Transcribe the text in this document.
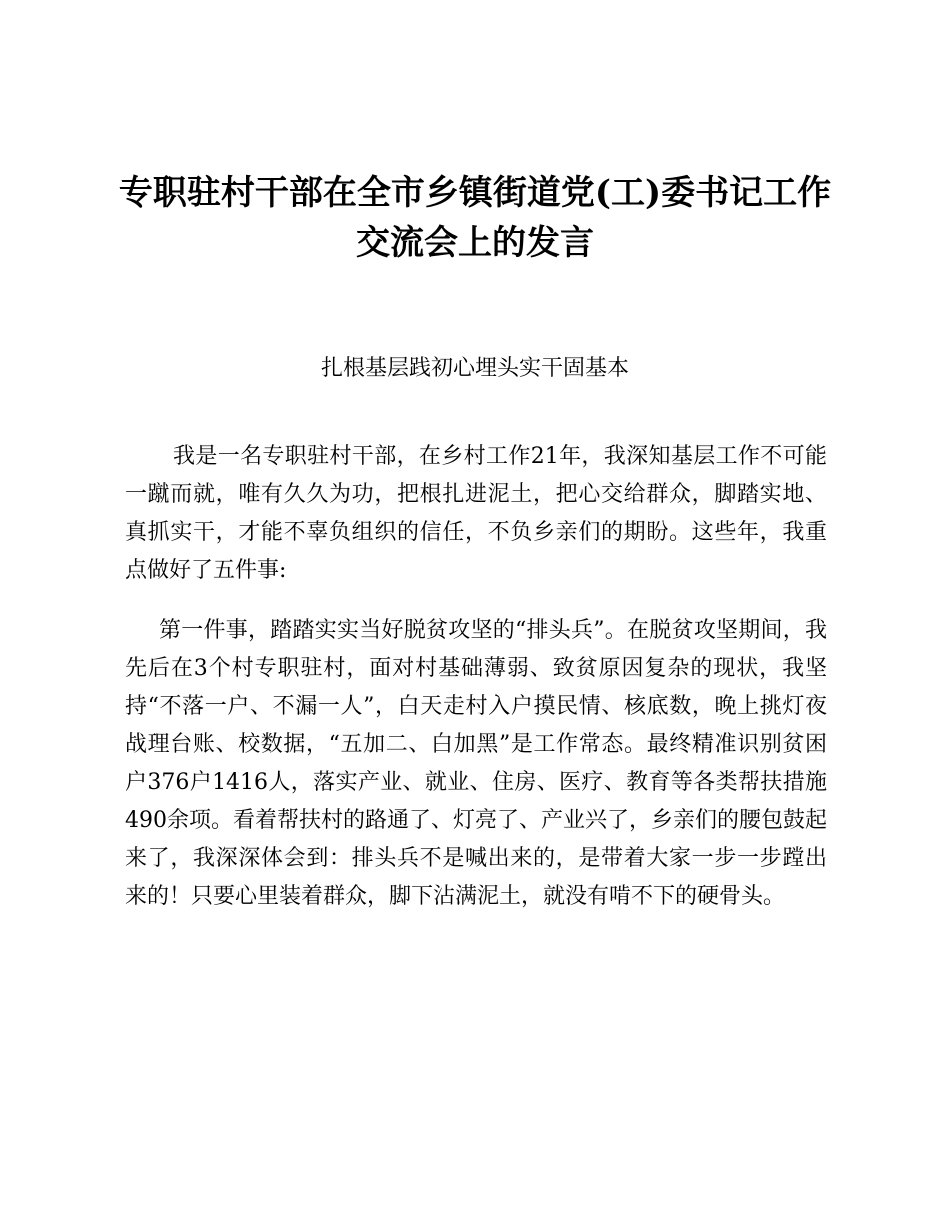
专职驻村干部在全市乡镇街道党(工)委书记工作交流会上的发言

扎根基层践初心埋头实干固基本

我是一名专职驻村干部，在乡村工作21年，我深知基层工作不可能一蹴而就，唯有久久为功，把根扎进泥土，把心交给群众，脚踏实地、真抓实干，才能不辜负组织的信任，不负乡亲们的期盼。这些年，我重点做好了五件事:

第一件事，踏踏实实当好脱贫攻坚的“排头兵”。在脱贫攻坚期间，我先后在3个村专职驻村，面对村基础薄弱、致贫原因复杂的现状，我坚持“不落一户、不漏一人”，白天走村入户摸民情、核底数，晚上挑灯夜战理台账、校数据，“五加二、白加黑”是工作常态。最终精准识别贫困户376户1416人，落实产业、就业、住房、医疗、教育等各类帮扶措施490余项。看着帮扶村的路通了、灯亮了、产业兴了，乡亲们的腰包鼓起来了，我深深体会到：排头兵不是喊出来的，是带着大家一步一步蹚出来的！只要心里装着群众，脚下沾满泥土，就没有啃不下的硬骨头。
